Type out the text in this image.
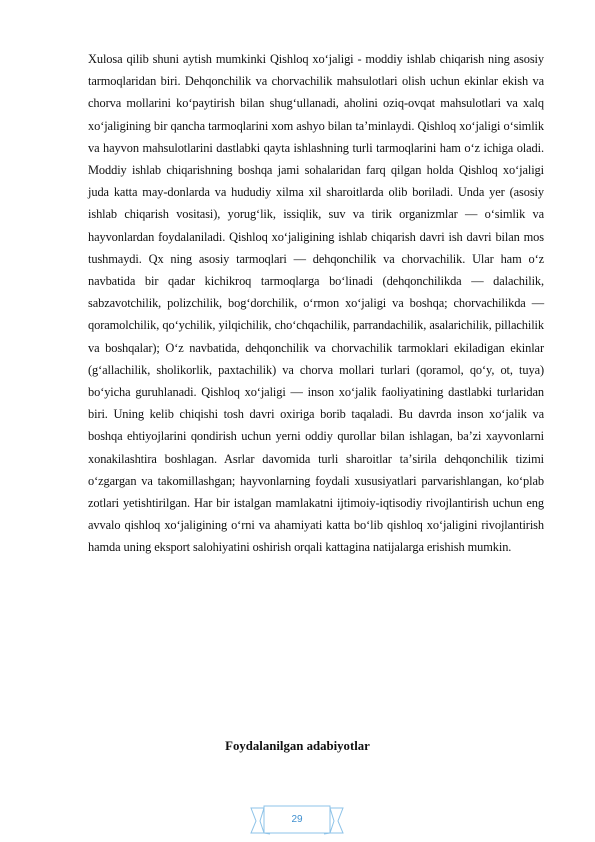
Xulosa qilib shuni aytish mumkinki Qishloq xoʻjaligi - moddiy ishlab chiqarish ning asosiy tarmoqlaridan biri. Dehqonchilik va chorvachilik mahsulotlari olish uchun ekinlar ekish va chorva mollarini koʻpaytirish bilan shugʻullanadi, aholini oziq-ovqat mahsulotlari va xalq xoʻjaligining bir qancha tarmoqlarini xom ashyo bilan taʼminlaydi. Qishloq xoʻjaligi oʻsimlik va hayvon mahsulotlarini dastlabki qayta ishlashning turli tarmoqlarini ham oʻz ichiga oladi. Moddiy ishlab chiqarishning boshqa jami sohalaridan farq qilgan holda Qishloq xoʻjaligi juda katta may-donlarda va hududiy xilma xil sharoitlarda olib boriladi. Unda yer (asosiy ishlab chiqarish vositasi), yorugʻlik, issiqlik, suv va tirik organizmlar — oʻsimlik va hayvonlardan foydalaniladi. Qishloq xoʻjaligining ishlab chiqarish davri ish davri bilan mos tushmaydi. Qx ning asosiy tarmoqlari — dehqonchilik va chorvachilik. Ular ham oʻz navbatida bir qadar kichikroq tarmoqlarga boʻlinadi (dehqonchilikda — dalachilik, sabzavotchilik, polizchilik, bogʻdorchilik, oʻrmon xoʻjaligi va boshqa; chorvachilikda — qoramolchilik, qoʻychilik, yilqichilik, choʻchqachilik, parrandachilik, asalarichilik, pillachilik va boshqalar); Oʻz navbatida, dehqonchilik va chorvachilik tarmoklari ekiladigan ekinlar (gʻallachilik, sholikorlik, paxtachilik) va chorva mollari turlari (qoramol, qoʻy, ot, tuya) boʻyicha guruhlanadi. Qishloq xoʻjaligi — inson xoʻjalik faoliyatining dastlabki turlaridan biri. Uning kelib chiqishi tosh davri oxiriga borib taqaladi. Bu davrda inson xoʻjalik va boshqa ehtiyojlarini qondirish uchun yerni oddiy qurollar bilan ishlagan, baʼzi xayvonlarni xonakilashtira boshlagan. Asrlar davomida turli sharoitlar taʼsirila dehqonchilik tizimi oʻzgargan va takomillashgan; hayvonlarning foydali xususiyatlari parvarishlangan, koʻplab zotlari yetishtirilgan. Har bir istalgan mamlakatni ijtimoiy-iqtisodiy rivojlantirish uchun eng avvalo qishloq xoʻjaligining oʻrni va ahamiyati katta boʻlib qishloq xoʻjaligini rivojlantirish hamda uning eksport salohiyatini oshirish orqali kattagina natijalarga erishish mumkin.

Foydalanilgan adabiyotlar
29
